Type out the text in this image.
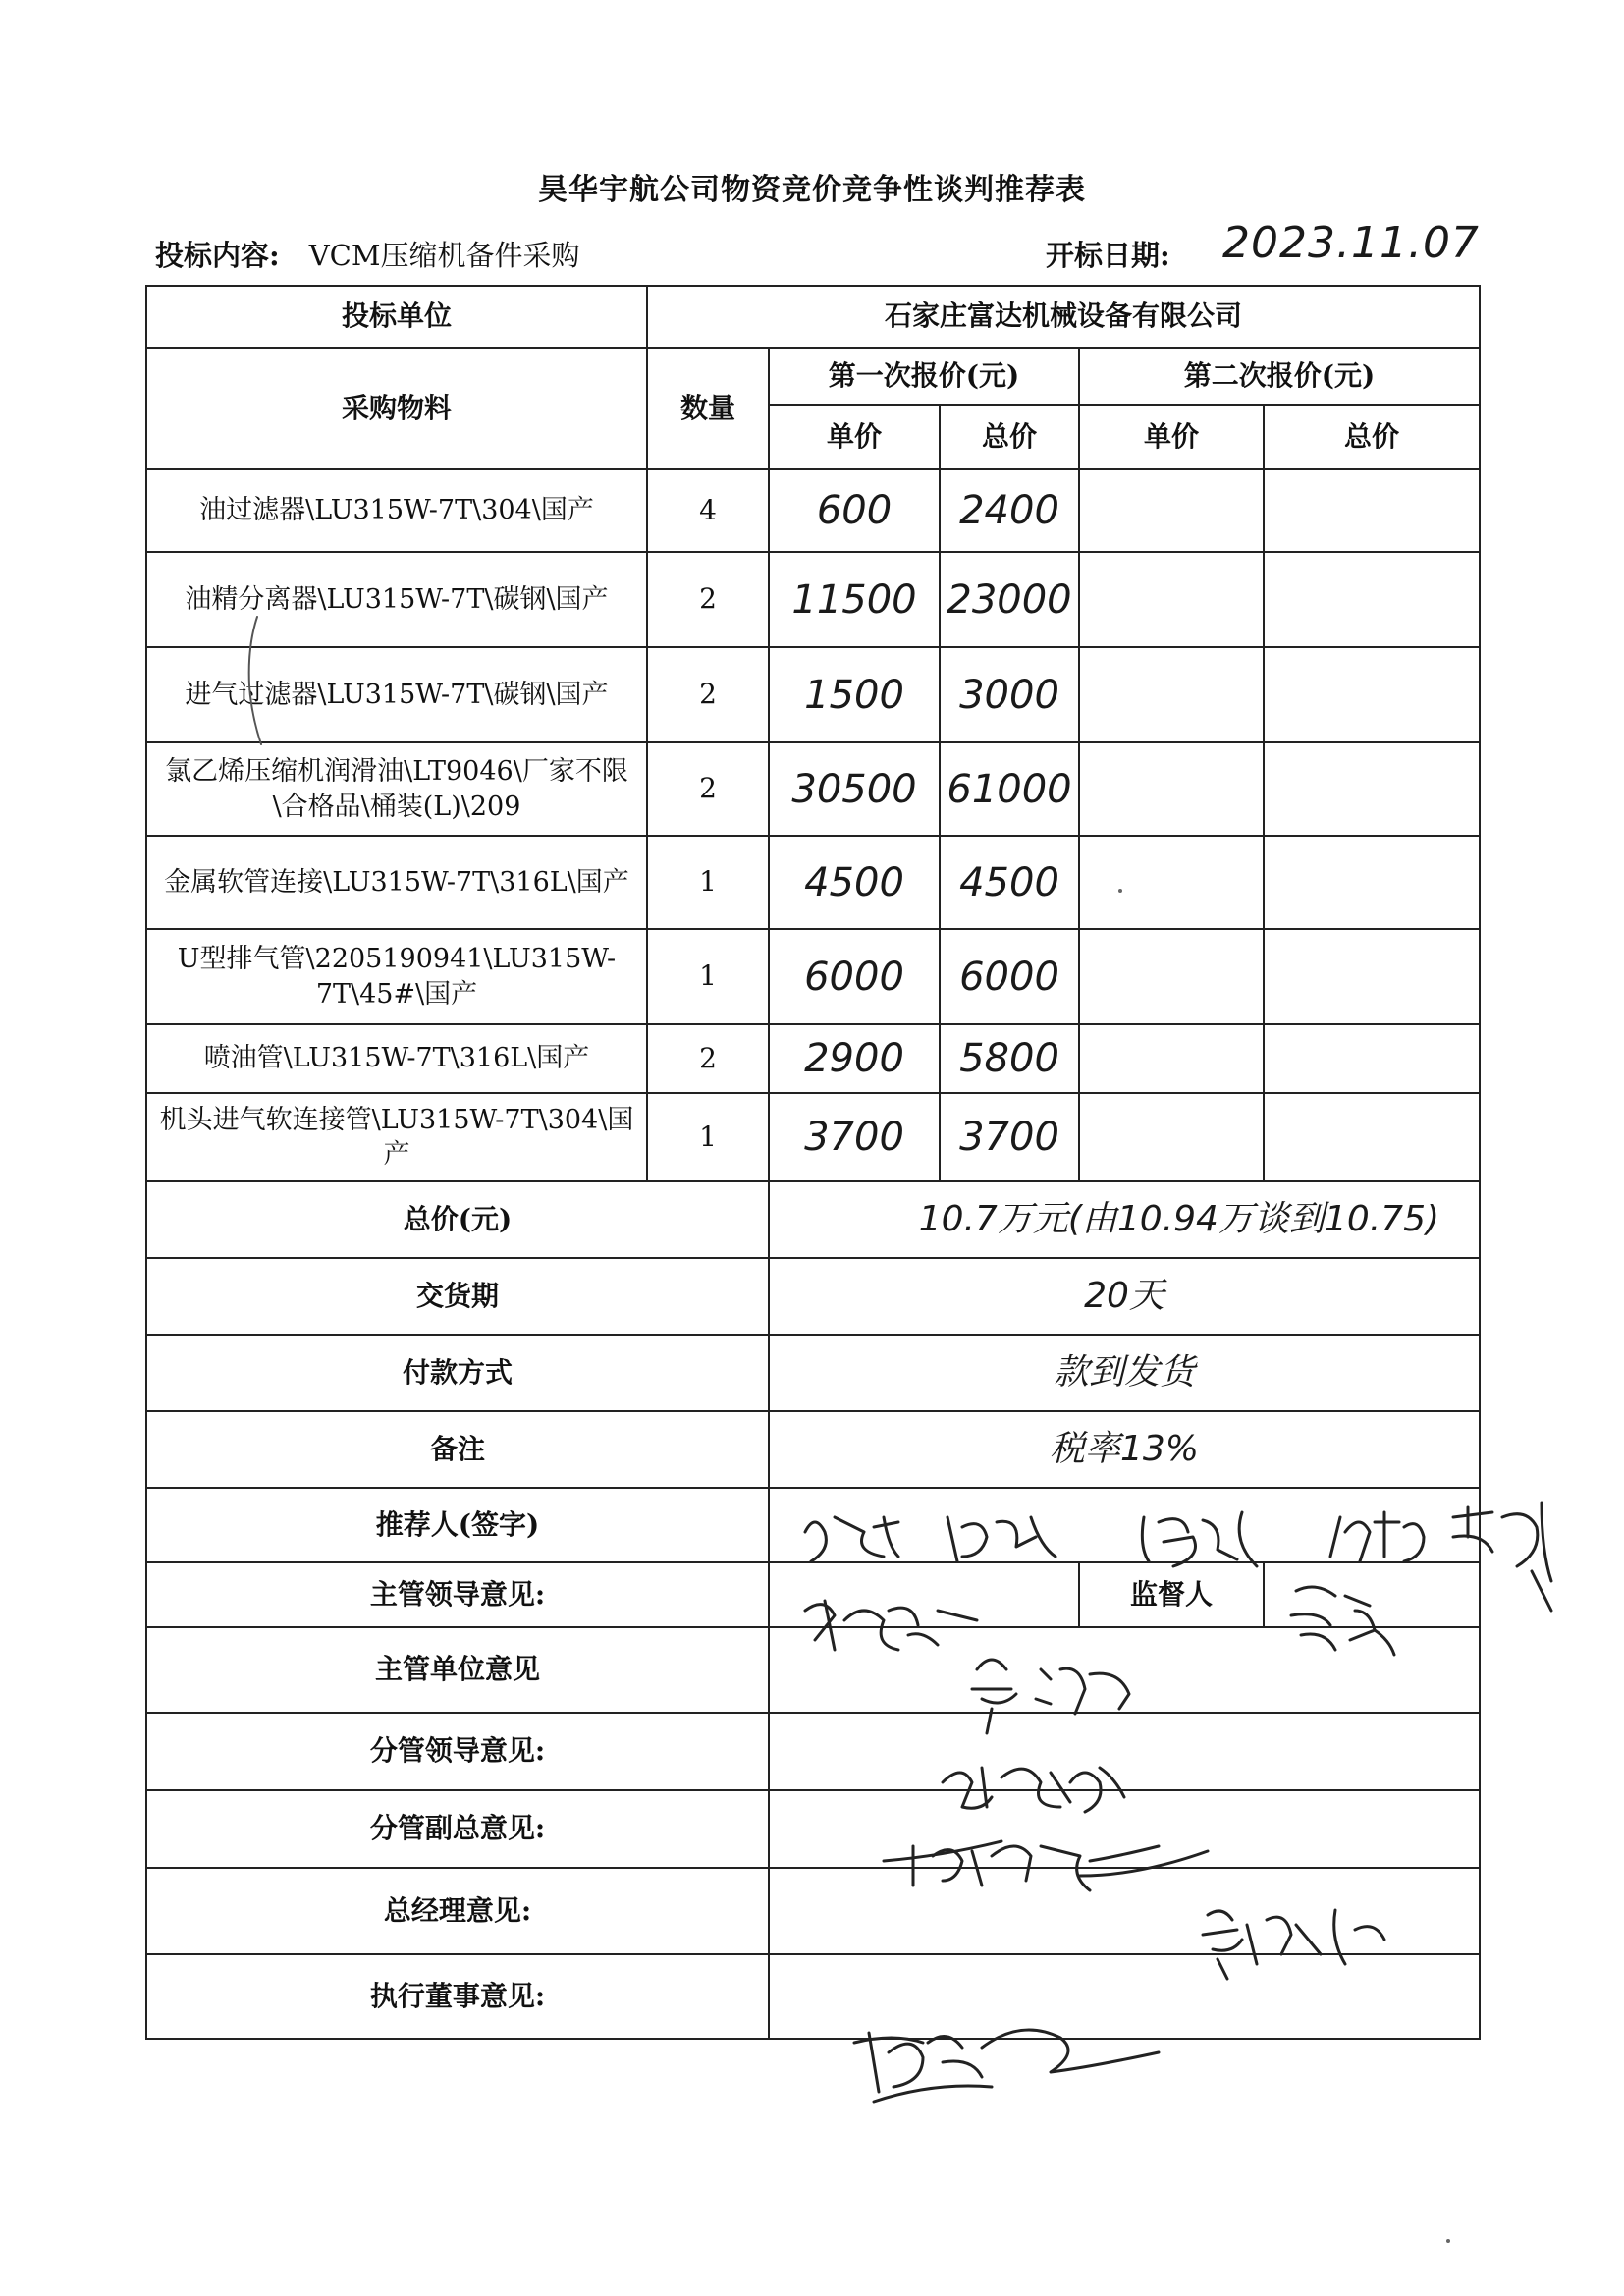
昊华宇航公司物资竞价竞争性谈判推荐表
投标内容: VCM压缩机备件采购	开标日期: 2023.11.07
投标单位	石家庄富达机械设备有限公司				
采购物料	数量	第一次报价(元)		第二次报价(元)	
		单价	总价	单价	总价
油过滤器\LU315W-7T\304\国产	4	600	2400		
油精分离器\LU315W-7T\碳钢\国产	2	11500	23000		
进气过滤器\LU315W-7T\碳钢\国产	2	1500	3000		
氯乙烯压缩机润滑油\LT9046\厂家不限\合格品\桶装(L)\209	2	30500	61000		
金属软管连接\LU315W-7T\316L\国产	1	4500	4500		
U型排气管\2205190941\LU315W-7T\45#\国产	1	6000	6000		
喷油管\LU315W-7T\316L\国产	2	2900	5800		
机头进气软连接管\LU315W-7T\304\国产	1	3700	3700		
总价(元)		10.7万元(由10.94万谈到10.75)			
交货期		20天			
付款方式		款到发货			
备注		税率13%			
推荐人(签字)					
主管领导意见:				监督人	
主管单位意见					
分管领导意见:					
分管副总意见:					
总经理意见:					
执行董事意见:					
